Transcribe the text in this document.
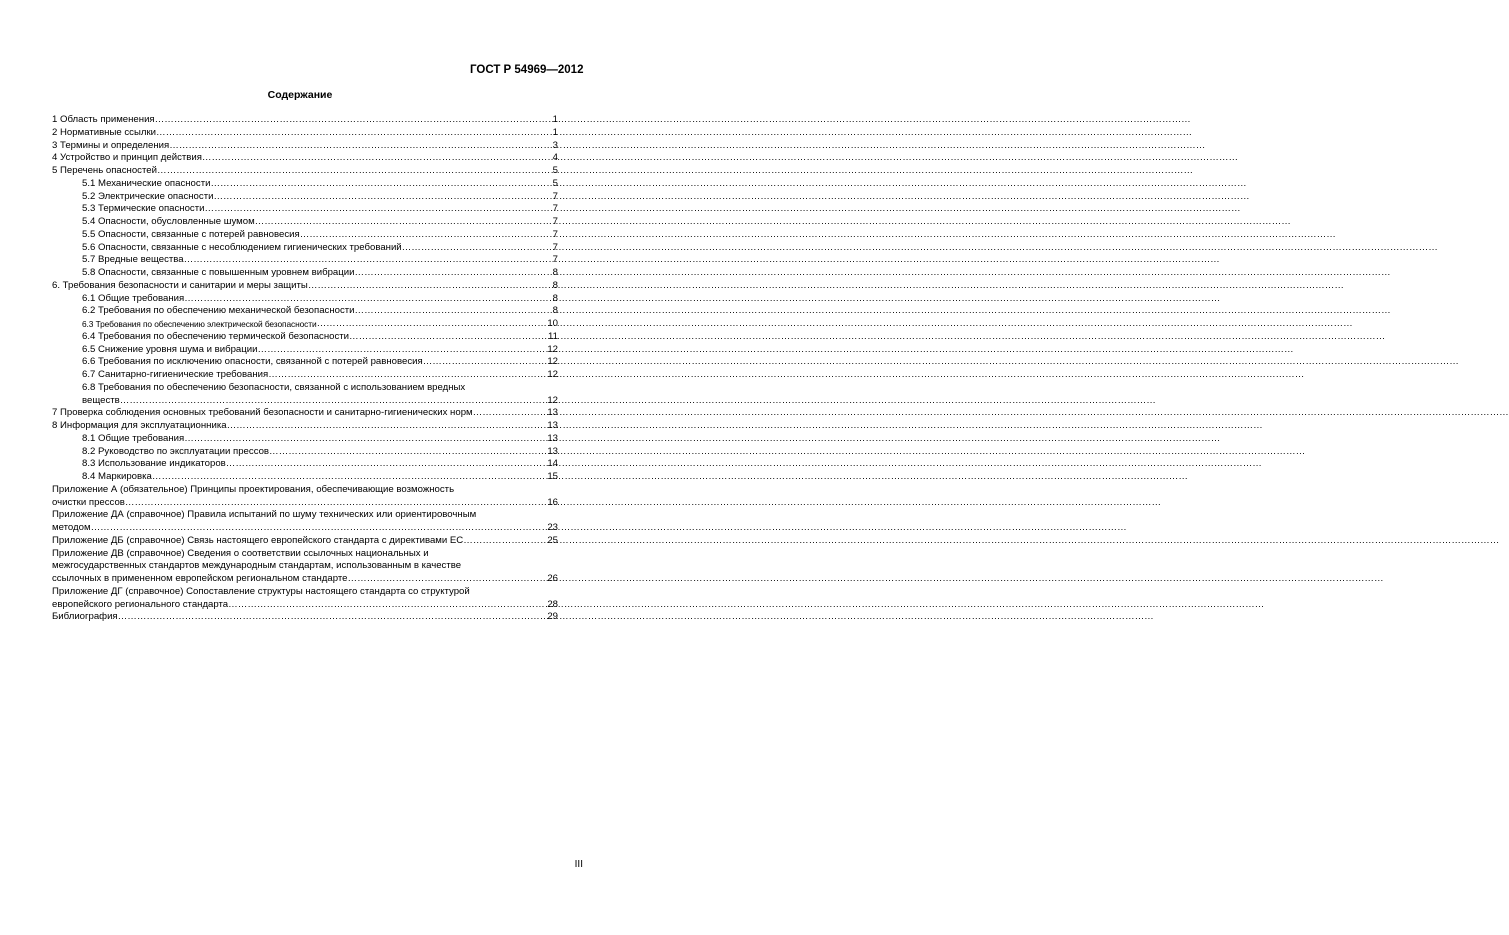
ГОСТ Р 54969—2012
Содержание
1 Область применения ………………………………………………………………………………………………………………………………………………………………………………………………………………………………………………………………………………………………	1
2 Нормативные ссылки ………………………………………………………………………………………………………………………………………………………………………………………………………………………………………………………………………………………………	1
3 Термины и определения ………………………………………………………………………………………………………………………………………………………………………………………………………………………………………………………………………………………………	3
4 Устройство и принцип действия ………………………………………………………………………………………………………………………………………………………………………………………………………………………………………………………………………………………………	4
5 Перечень опасностей ………………………………………………………………………………………………………………………………………………………………………………………………………………………………………………………………………………………………	5
5.1 Механические опасности ………………………………………………………………………………………………………………………………………………………………………………………………………………………………………………………………………………………………	5
5.2 Электрические опасности ………………………………………………………………………………………………………………………………………………………………………………………………………………………………………………………………………………………………	7
5.3 Термические опасности ………………………………………………………………………………………………………………………………………………………………………………………………………………………………………………………………………………………………	7
5.4 Опасности, обусловленные шумом ………………………………………………………………………………………………………………………………………………………………………………………………………………………………………………………………………………………………	7
5.5 Опасности, связанные с потерей равновесия ………………………………………………………………………………………………………………………………………………………………………………………………………………………………………………………………………………………………	7
5.6 Опасности, связанные с несоблюдением гигиенических требований ………………………………………………………………………………………………………………………………………………………………………………………………………………………………………………………………………………………………	7
5.7 Вредные вещества ………………………………………………………………………………………………………………………………………………………………………………………………………………………………………………………………………………………………	7
5.8 Опасности, связанные с повышенным уровнем вибрации ………………………………………………………………………………………………………………………………………………………………………………………………………………………………………………………………………………………………	8
6. Требования безопасности и санитарии и меры защиты ………………………………………………………………………………………………………………………………………………………………………………………………………………………………………………………………………………………………	8
6.1 Общие требования ………………………………………………………………………………………………………………………………………………………………………………………………………………………………………………………………………………………………	8
6.2 Требования по обеспечению механической безопасности ………………………………………………………………………………………………………………………………………………………………………………………………………………………………………………………………………………………………	8
6.3 Требования по обеспечению электрической безопасности ………………………………………………………………………………………………………………………………………………………………………………………………………………………………………………………………………………………………	10
6.4 Требования по обеспечению термической безопасности ………………………………………………………………………………………………………………………………………………………………………………………………………………………………………………………………………………………………	11
6.5 Снижение уровня шума и вибрации ………………………………………………………………………………………………………………………………………………………………………………………………………………………………………………………………………………………………	12
6.6 Требования по исключению опасности, связанной с потерей равновесия ………………………………………………………………………………………………………………………………………………………………………………………………………………………………………………………………………………………………	12
6.7 Санитарно-гигиенические требования ………………………………………………………………………………………………………………………………………………………………………………………………………………………………………………………………………………………………	12
6.8 Требования по обеспечению безопасности, связанной с использованием вредных
веществ ………………………………………………………………………………………………………………………………………………………………………………………………………………………………………………………………………………………………	12
7 Проверка соблюдения основных требований безопасности и санитарно-гигиенических норм ………………………………………………………………………………………………………………………………………………………………………………………………………………………………………………………………………………………………	13
8 Информация для эксплуатационника ………………………………………………………………………………………………………………………………………………………………………………………………………………………………………………………………………………………………	13
8.1 Общие требования ………………………………………………………………………………………………………………………………………………………………………………………………………………………………………………………………………………………………	13
8.2 Руководство по эксплуатации прессов ………………………………………………………………………………………………………………………………………………………………………………………………………………………………………………………………………………………………	13
8.3 Использование индикаторов ………………………………………………………………………………………………………………………………………………………………………………………………………………………………………………………………………………………………	14
8.4 Маркировка ………………………………………………………………………………………………………………………………………………………………………………………………………………………………………………………………………………………………	15
Приложение А (обязательное) Принципы проектирования, обеспечивающие возможность
очистки прессов ………………………………………………………………………………………………………………………………………………………………………………………………………………………………………………………………………………………………	16
Приложение ДА (справочное) Правила испытаний по шуму технических или ориентировочным
методом ………………………………………………………………………………………………………………………………………………………………………………………………………………………………………………………………………………………………	23
Приложение ДБ (справочное) Связь настоящего европейского стандарта с директивами ЕС ………………………………………………………………………………………………………………………………………………………………………………………………………………………………………………………………………………………………	25
Приложение ДВ (справочное) Сведения о соответствии ссылочных национальных и
межгосударственных стандартов международным стандартам, использованным в качестве
ссылочных в примененном европейском региональном стандарте ………………………………………………………………………………………………………………………………………………………………………………………………………………………………………………………………………………………………	26
Приложение ДГ (справочное) Сопоставление структуры настоящего стандарта со структурой
европейского регионального стандарта ………………………………………………………………………………………………………………………………………………………………………………………………………………………………………………………………………………………………	28
Библиография ………………………………………………………………………………………………………………………………………………………………………………………………………………………………………………………………………………………………	29
III
